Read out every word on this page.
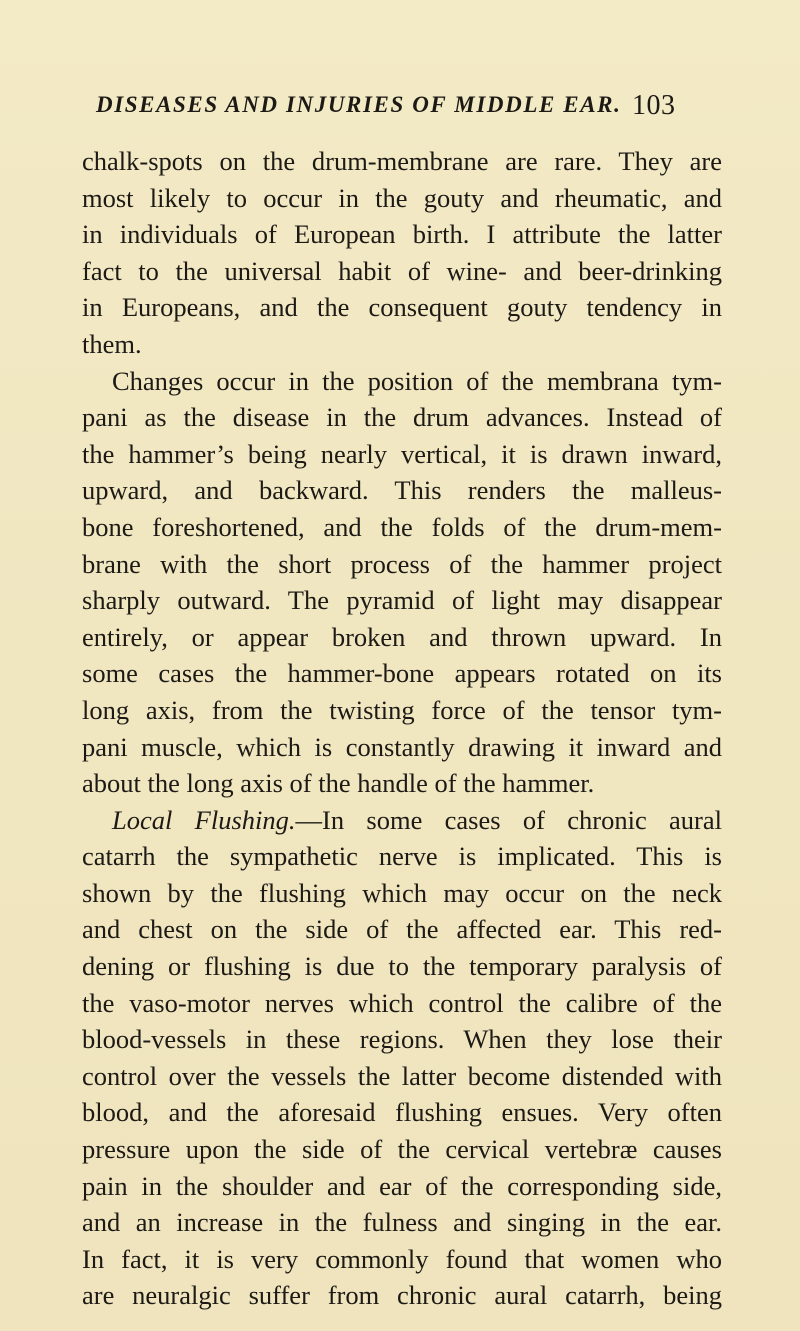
DISEASES AND INJURIES OF MIDDLE EAR. 103
chalk-spots on the drum-membrane are rare. They are
most likely to occur in the gouty and rheumatic, and
in individuals of European birth. I attribute the latter
fact to the universal habit of wine- and beer-drinking
in Europeans, and the consequent gouty tendency in
them.
Changes occur in the position of the membrana tym-
pani as the disease in the drum advances. Instead of
the hammer’s being nearly vertical, it is drawn inward,
upward, and backward. This renders the malleus-
bone foreshortened, and the folds of the drum-mem-
brane with the short process of the hammer project
sharply outward. The pyramid of light may disappear
entirely, or appear broken and thrown upward. In
some cases the hammer-bone appears rotated on its
long axis, from the twisting force of the tensor tym-
pani muscle, which is constantly drawing it inward and
about the long axis of the handle of the hammer.
Local Flushing.—In some cases of chronic aural
catarrh the sympathetic nerve is implicated. This is
shown by the flushing which may occur on the neck
and chest on the side of the affected ear. This red-
dening or flushing is due to the temporary paralysis of
the vaso-motor nerves which control the calibre of the
blood-vessels in these regions. When they lose their
control over the vessels the latter become distended with
blood, and the aforesaid flushing ensues. Very often
pressure upon the side of the cervical vertebræ causes
pain in the shoulder and ear of the corresponding side,
and an increase in the fulness and singing in the ear.
In fact, it is very commonly found that women who
are neuralgic suffer from chronic aural catarrh, being
